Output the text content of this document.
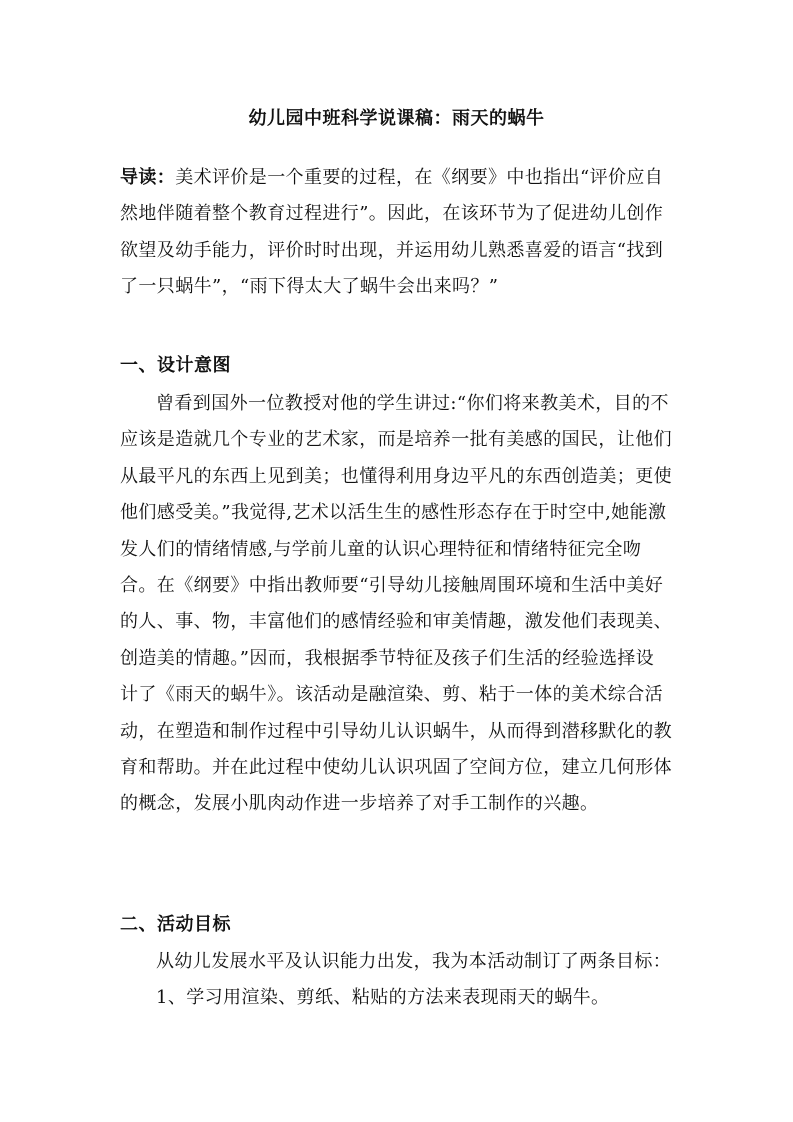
幼儿园中班科学说课稿：雨天的蜗牛
导读：美术评价是一个重要的过程，在《纲要》中也指出“评价应自
然地伴随着整个教育过程进行”。因此，在该环节为了促进幼儿创作
欲望及幼手能力，评价时时出现，并运用幼儿熟悉喜爱的语言“找到
了一只蜗牛”，“雨下得太大了蜗牛会出来吗？”
一、设计意图
曾看到国外一位教授对他的学生讲过:“你们将来教美术，目的不
应该是造就几个专业的艺术家，而是培养一批有美感的国民，让他们
从最平凡的东西上见到美；也懂得利用身边平凡的东西创造美；更使
他们感受美。”我觉得,艺术以活生生的感性形态存在于时空中,她能激
发人们的情绪情感,与学前儿童的认识心理特征和情绪特征完全吻
合。在《纲要》中指出教师要“引导幼儿接触周围环境和生活中美好
的人、事、物，丰富他们的感情经验和审美情趣，激发他们表现美、
创造美的情趣。”因而，我根据季节特征及孩子们生活的经验选择设
计了《雨天的蜗牛》。该活动是融渲染、剪、粘于一体的美术综合活
动，在塑造和制作过程中引导幼儿认识蜗牛，从而得到潜移默化的教
育和帮助。并在此过程中使幼儿认识巩固了空间方位，建立几何形体
的概念，发展小肌肉动作进一步培养了对手工制作的兴趣。
二、活动目标
从幼儿发展水平及认识能力出发，我为本活动制订了两条目标：
1、学习用渲染、剪纸、粘贴的方法来表现雨天的蜗牛。
